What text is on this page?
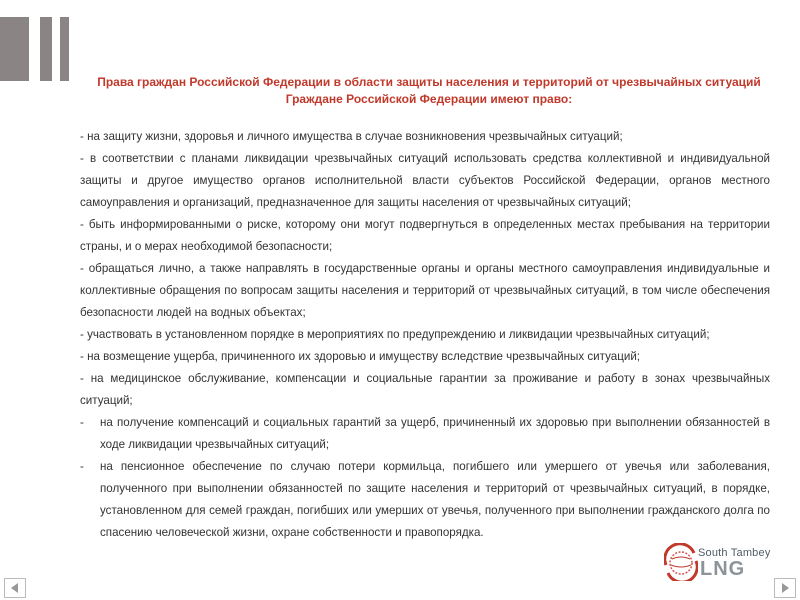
Права граждан Российской Федерации в области защиты населения и территорий от чрезвычайных ситуаций Граждане Российской Федерации имеют право:

- на защиту жизни, здоровья и личного имущества в случае возникновения чрезвычайных ситуаций;

- в соответствии с планами ликвидации чрезвычайных ситуаций использовать средства коллективной и индивидуальной защиты и другое имущество органов исполнительной власти субъектов Российской Федерации, органов местного самоуправления и организаций, предназначенное для защиты населения от чрезвычайных ситуаций;

- быть информированными о риске, которому они могут подвергнуться в определенных местах пребывания на территории страны, и о мерах необходимой безопасности;

- обращаться лично, а также направлять в государственные органы и органы местного самоуправления индивидуальные и коллективные обращения по вопросам защиты населения и территорий от чрезвычайных ситуаций, в том числе обеспечения безопасности людей на водных объектах;

- участвовать в установленном порядке в мероприятиях по предупреждению и ликвидации чрезвычайных ситуаций;

- на возмещение ущерба, причиненного их здоровью и имуществу вследствие чрезвычайных ситуаций;

- на медицинское обслуживание, компенсации и социальные гарантии за проживание и работу в зонах чрезвычайных ситуаций;

- на получение компенсаций и социальных гарантий за ущерб, причиненный их здоровью при выполнении обязанностей в ходе ликвидации чрезвычайных ситуаций;
- на пенсионное обеспечение по случаю потери кормильца, погибшего или умершего от увечья или заболевания, полученного при выполнении обязанностей по защите населения и территорий от чрезвычайных ситуаций, в порядке, установленном для семей граждан, погибших или умерших от увечья, полученного при выполнении гражданского долга по спасению человеческой жизни, охране собственности и правопорядка.
South Tambey
LNG
